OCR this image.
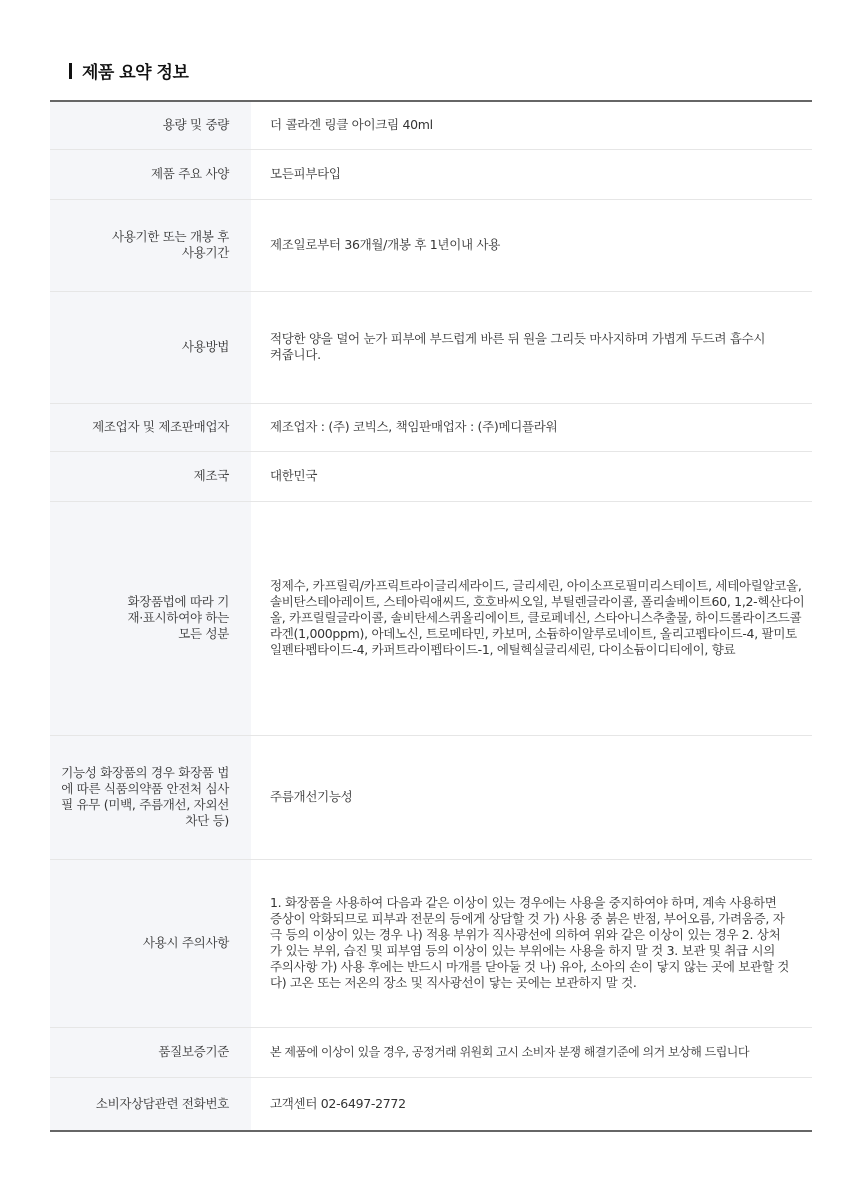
제품 요약 정보
용량 및 중량	더 콜라겐 링클 아이크림 40ml
제품 주요 사양	모든피부타입
사용기한 또는 개봉 후 사용기간	제조일로부터 36개월/개봉 후 1년이내 사용
사용방법	적당한 양을 덜어 눈가 피부에 부드럽게 바른 뒤 원을 그리듯 마사지하며 가볍게 두드려 흡수시켜줍니다.
제조업자 및 제조판매업자	제조업자 : (주) 코빅스, 책임판매업자 : (주)메디플라워
제조국	대한민국
화장품법에 따라 기재·표시하여야 하는 모든 성분	정제수, 카프릴릭/카프릭트라이글리세라이드, 글리세린, 아이소프로필미리스테이트, 세테아릴알코올, 솔비탄스테아레이트, 스테아릭애씨드, 호호바씨오일, 부틸렌글라이콜, 폴리솔베이트60, 1,2-헥산다이올, 카프릴릴글라이콜, 솔비탄세스퀴올리에이트, 클로페네신, 스타아니스추출물, 하이드롤라이즈드콜라겐(1,000ppm), 아데노신, 트로메타민, 카보머, 소듐하이알루로네이트, 올리고펩타이드-4, 팔미토일펜타펩타이드-4, 카퍼트라이펩타이드-1, 에틸헥실글리세린, 다이소듐이디티에이, 향료
기능성 화장품의 경우 화장품 법에 따른 식품의약품 안전처 심사 필 유무 (미백, 주름개선, 자외선차단 등)	주름개선기능성
사용시 주의사항	1. 화장품을 사용하여 다음과 같은 이상이 있는 경우에는 사용을 중지하여야 하며, 계속 사용하면 증상이 악화되므로 피부과 전문의 등에게 상담할 것 가) 사용 중 붉은 반점, 부어오름, 가려움증, 자극 등의 이상이 있는 경우 나) 적용 부위가 직사광선에 의하여 위와 같은 이상이 있는 경우 2. 상처가 있는 부위, 습진 및 피부염 등의 이상이 있는 부위에는 사용을 하지 말 것 3. 보관 및 취급 시의 주의사항 가) 사용 후에는 반드시 마개를 닫아둘 것 나) 유아, 소아의 손이 닿지 않는 곳에 보관할 것 다) 고온 또는 저온의 장소 및 직사광선이 닿는 곳에는 보관하지 말 것.
품질보증기준	본 제품에 이상이 있을 경우, 공정거래 위원회 고시 소비자 분쟁 해결기준에 의거 보상해 드립니다
소비자상담관련 전화번호	고객센터 02-6497-2772
